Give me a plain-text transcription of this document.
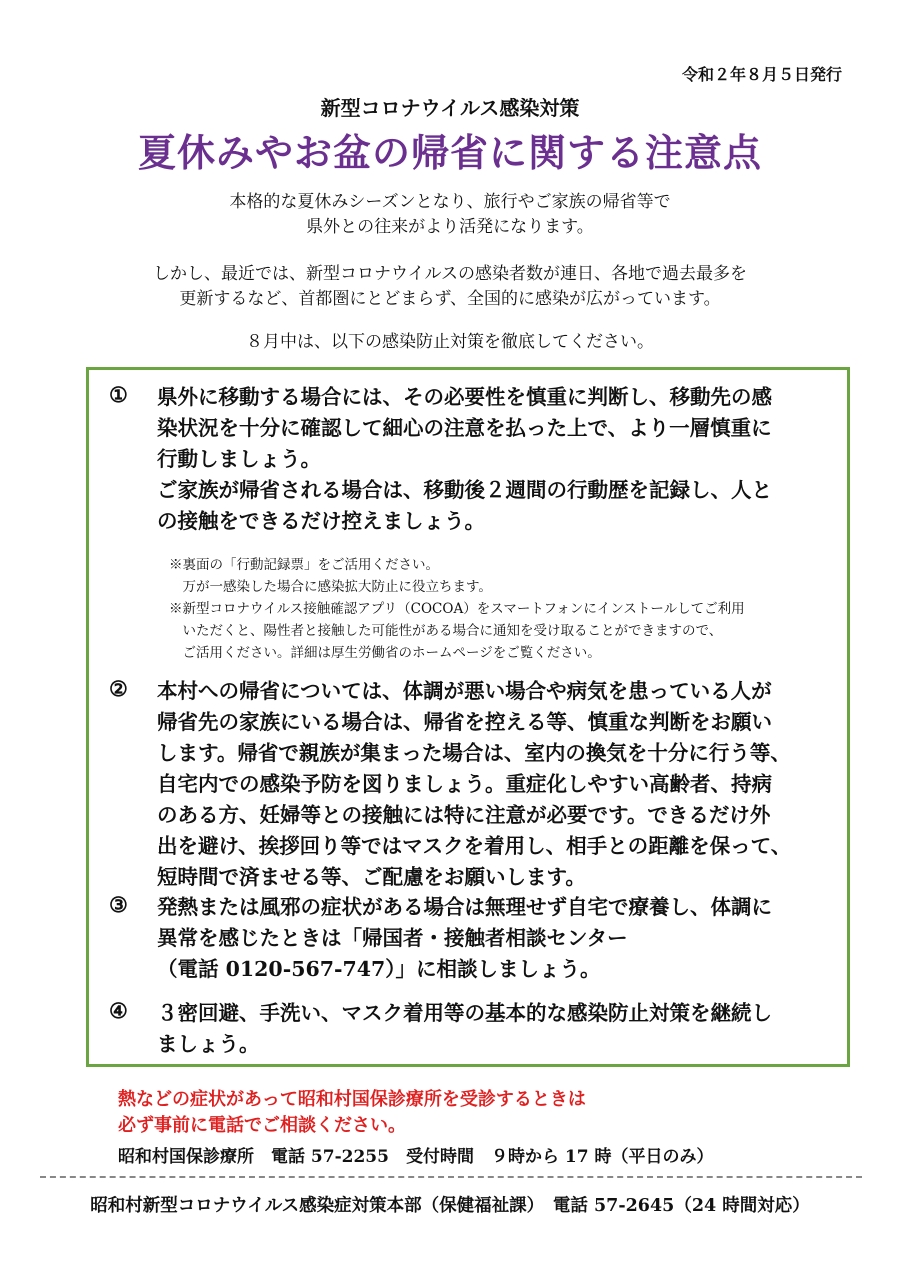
令和２年８月５日発行
新型コロナウイルス感染対策
夏休みやお盆の帰省に関する注意点

本格的な夏休みシーズンとなり、旅行やご家族の帰省等で

県外との往来がより活発になります。

しかし、最近では、新型コロナウイルスの感染者数が連日、各地で過去最多を

更新するなど、首都圏にとどまらず、全国的に感染が広がっています。

８月中は、以下の感染防止対策を徹底してください。

①	県外に移動する場合には、その必要性を慎重に判断し、移動先の感
染状況を十分に確認して細心の注意を払った上で、より一層慎重に
行動しましょう。
ご家族が帰省される場合は、移動後２週間の行動歴を記録し、人と
の接触をできるだけ控えましょう。
※裏面の「行動記録票」をご活用ください。
　万が一感染した場合に感染拡大防止に役立ちます。
※新型コロナウイルス接触確認アプリ（COCOA）をスマートフォンにインストールしてご利用
　いただくと、陽性者と接触した可能性がある場合に通知を受け取ることができますので、
　ご活用ください。詳細は厚生労働省のホームページをご覧ください。
②	本村への帰省については、体調が悪い場合や病気を患っている人が
帰省先の家族にいる場合は、帰省を控える等、慎重な判断をお願い
します。帰省で親族が集まった場合は、室内の換気を十分に行う等、
自宅内での感染予防を図りましょう。重症化しやすい高齢者、持病
のある方、妊婦等との接触には特に注意が必要です。できるだけ外
出を避け、挨拶回り等ではマスクを着用し、相手との距離を保って、
短時間で済ませる等、ご配慮をお願いします。
③	発熱または風邪の症状がある場合は無理せず自宅で療養し、体調に
異常を感じたときは「帰国者・接触者相談センター
（電話 0120-567-747）」に相談しましょう。
④	３密回避、手洗い、マスク着用等の基本的な感染防止対策を継続し
ましょう。

熱などの症状があって昭和村国保診療所を受診するときは

必ず事前に電話でご相談ください。

昭和村国保診療所　電話 57-2255　受付時間　９時から 17 時（平日のみ）
昭和村新型コロナウイルス感染症対策本部（保健福祉課）　電話 57-2645（24 時間対応）
